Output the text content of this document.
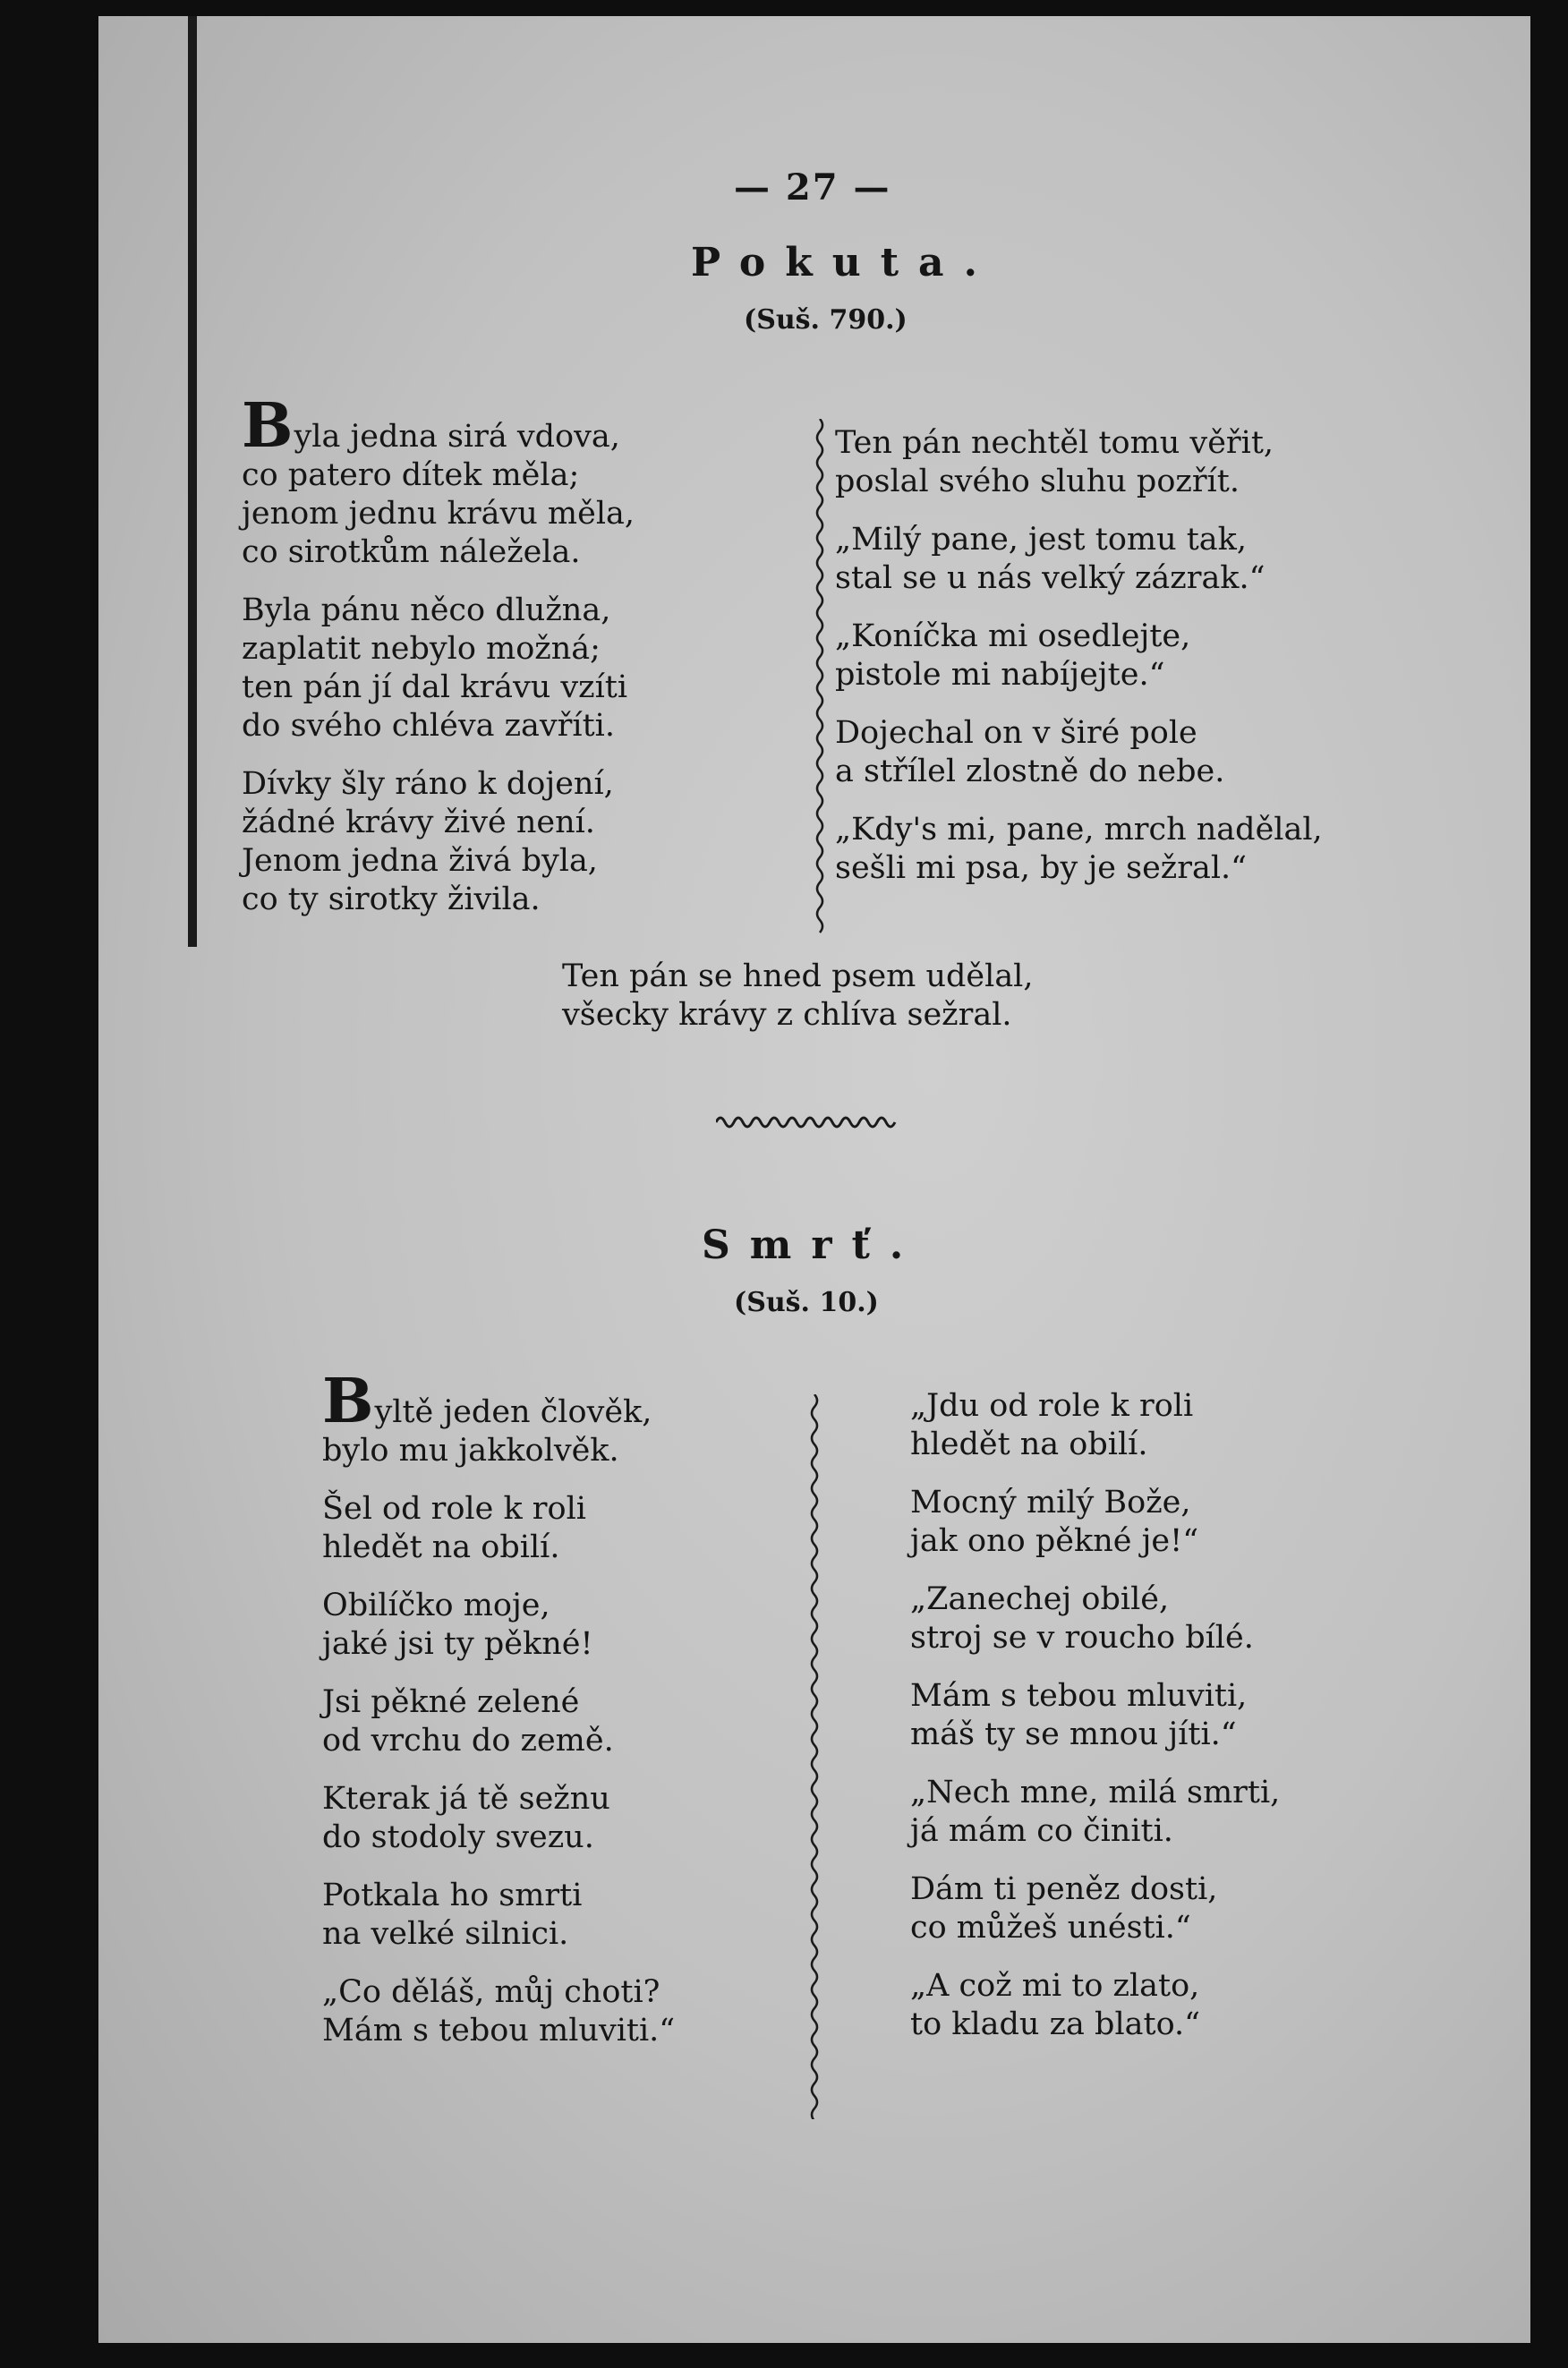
— 27 —
Pokuta.
(Suš. 790.)
Byla jedna sirá vdova,
co patero dítek měla;
jenom jednu krávu měla,
co sirotkům náležela.
Byla pánu něco dlužna,
zaplatit nebylo možná;
ten pán jí dal krávu vzíti
do svého chléva zavříti.
Dívky šly ráno k dojení,
žádné krávy živé není.
Jenom jedna živá byla,
co ty sirotky živila.
Ten pán nechtěl tomu věřit,
poslal svého sluhu pozřít.
„Milý pane, jest tomu tak,
stal se u nás velký zázrak.“
„Koníčka mi osedlejte,
pistole mi nabíjejte.“
Dojechal on v širé pole
a střílel zlostně do nebe.
„Kdy's mi, pane, mrch nadělal,
sešli mi psa, by je sežral.“
Ten pán se hned psem udělal,
všecky krávy z chlíva sežral.
Smrť.
(Suš. 10.)
Byltě jeden člověk,
bylo mu jakkolvěk.
Šel od role k roli
hledět na obilí.
Obilíčko moje,
jaké jsi ty pěkné!
Jsi pěkné zelené
od vrchu do země.
Kterak já tě sežnu
do stodoly svezu.
Potkala ho smrti
na velké silnici.
„Co děláš, můj choti?
Mám s tebou mluviti.“
„Jdu od role k roli
hledět na obilí.
Mocný milý Bože,
jak ono pěkné je!“
„Zanechej obilé,
stroj se v roucho bílé.
Mám s tebou mluviti,
máš ty se mnou jíti.“
„Nech mne, milá smrti,
já mám co činiti.
Dám ti peněz dosti,
co můžeš unésti.“
„A což mi to zlato,
to kladu za blato.“
